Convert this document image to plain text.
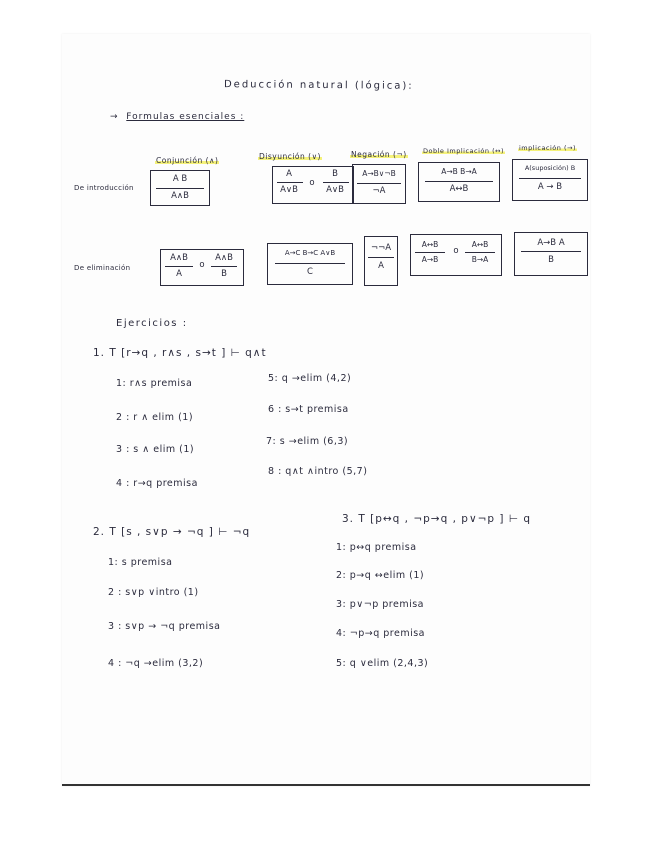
Deducción natural (lógica):
→ Formulas esenciales :
Conjunción (∧)	Disyunción (∨)	Negación (¬)	Doble Implicación (↔) implicación (→)
De introducción
De eliminación
A B
A∧B
A
A∨B
o
B
A∨B
A→B∨¬B
¬A
A→B B→A
A↔B
A(suposición) B
A → B
A∧B
A
o
A∧B
B
A→C B→C A∨B
C
¬¬A
A
A↔B
A→B
o
A↔B
B→A
A→B A
B
Ejercicios :
1. T [r→q , r∧s , s→t ] ⊢ q∧t
1: r∧s premisa
2 : r ∧ elim (1)
3 : s ∧ elim (1)
4 : r→q premisa
5: q →elim (4,2)
6 : s→t premisa
7: s →elim (6,3)
8 : q∧t ∧intro (5,7)
2. T [s , s∨p → ¬q ] ⊢ ¬q
1: s premisa
2 : s∨p ∨intro (1)
3 : s∨p → ¬q premisa
4 : ¬q →elim (3,2)
3. T [p↔q , ¬p→q , p∨¬p ] ⊢ q
1: p↔q premisa
2: p→q ↔elim (1)
3: p∨¬p premisa
4: ¬p→q premisa
5: q ∨elim (2,4,3)
